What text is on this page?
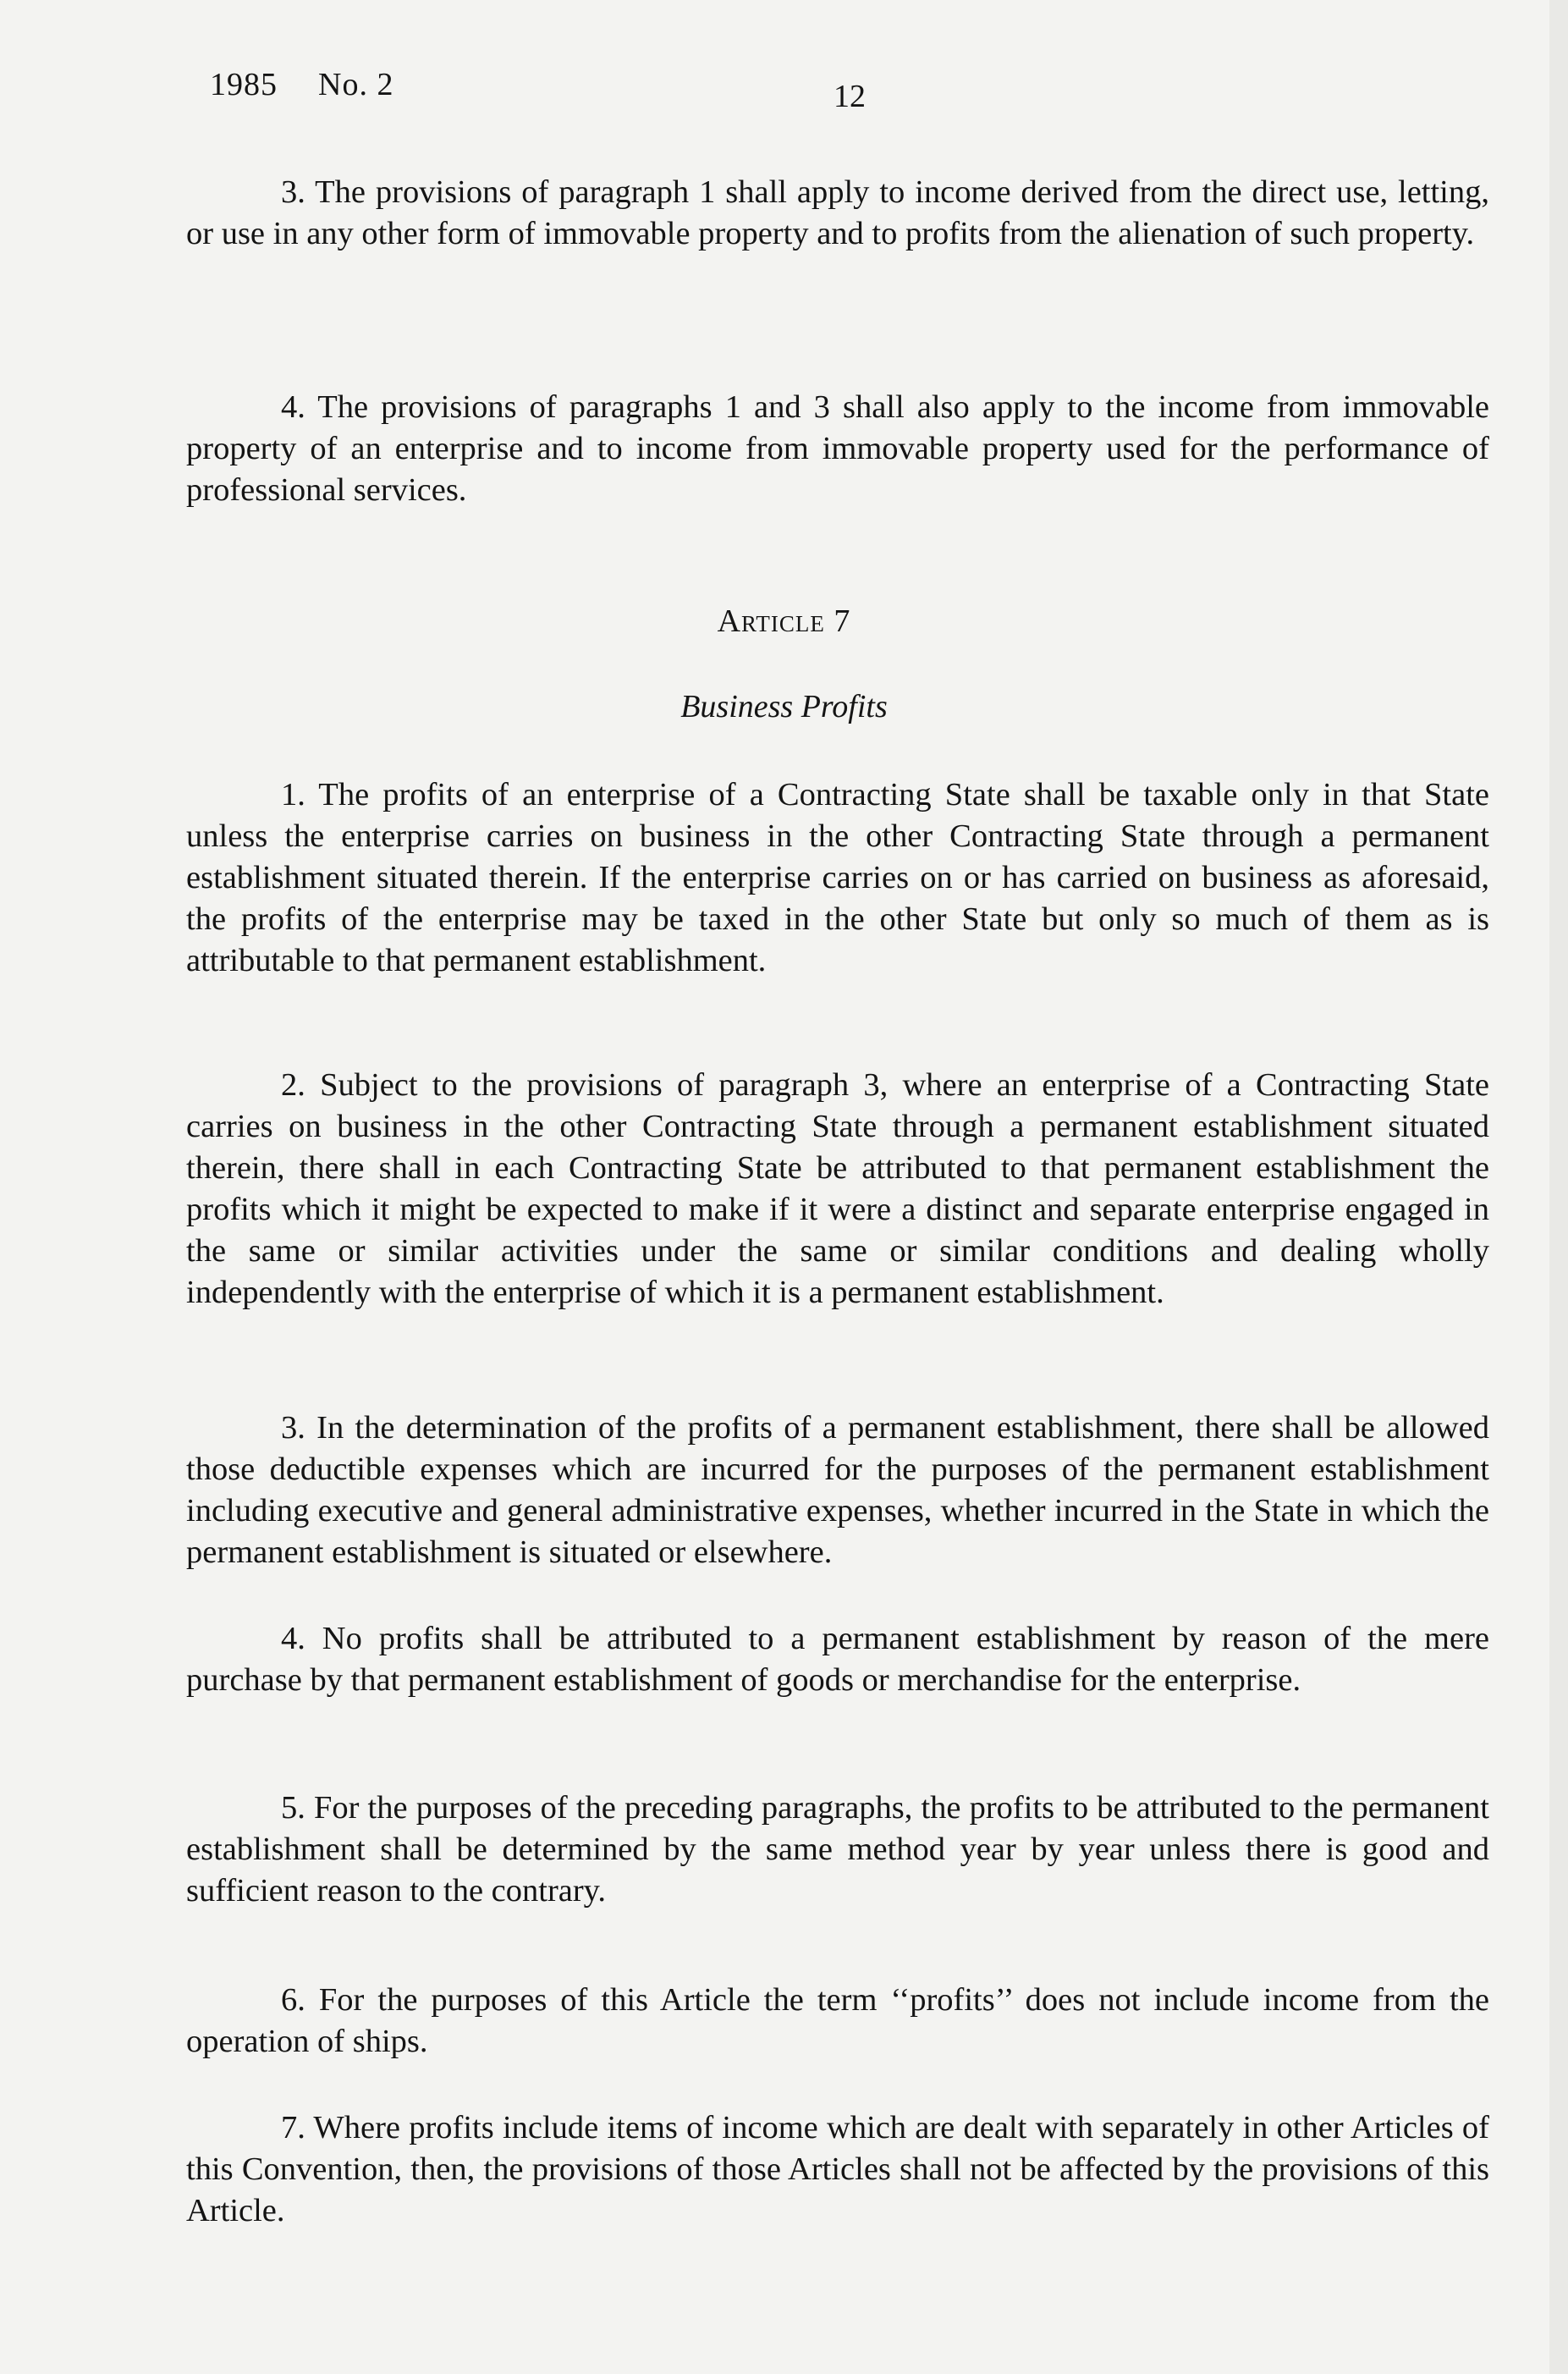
1985 No. 2	12

3. The provisions of paragraph 1 shall apply to income derived from the direct use, letting, or use in any other form of immovable property and to profits from the alienation of such property.

4. The provisions of paragraphs 1 and 3 shall also apply to the income from immovable property of an enterprise and to income from immovable property used for the performance of professional services.

Article 7
Business Profits

1. The profits of an enterprise of a Contracting State shall be taxable only in that State unless the enterprise carries on business in the other Contracting State through a permanent establishment situated therein. If the enterprise carries on or has carried on business as aforesaid, the profits of the enterprise may be taxed in the other State but only so much of them as is attributable to that permanent establishment.

2. Subject to the provisions of paragraph 3, where an enterprise of a Contracting State carries on business in the other Contracting State through a permanent establishment situated therein, there shall in each Contracting State be attributed to that permanent establishment the profits which it might be expected to make if it were a distinct and separate enterprise engaged in the same or similar activities under the same or similar conditions and dealing wholly independently with the enterprise of which it is a permanent establishment.

3. In the determination of the profits of a permanent establishment, there shall be allowed those deductible expenses which are incurred for the purposes of the permanent establishment including executive and general administrative expenses, whether incurred in the State in which the permanent establishment is situated or elsewhere.

4. No profits shall be attributed to a permanent establishment by reason of the mere purchase by that permanent establishment of goods or merchandise for the enterprise.

5. For the purposes of the preceding paragraphs, the profits to be attributed to the permanent establishment shall be determined by the same method year by year unless there is good and sufficient reason to the contrary.

6. For the purposes of this Article the term ‘‘profits’’ does not include income from the operation of ships.

7. Where profits include items of income which are dealt with separately in other Articles of this Convention, then, the provisions of those Articles shall not be affected by the provisions of this Article.
